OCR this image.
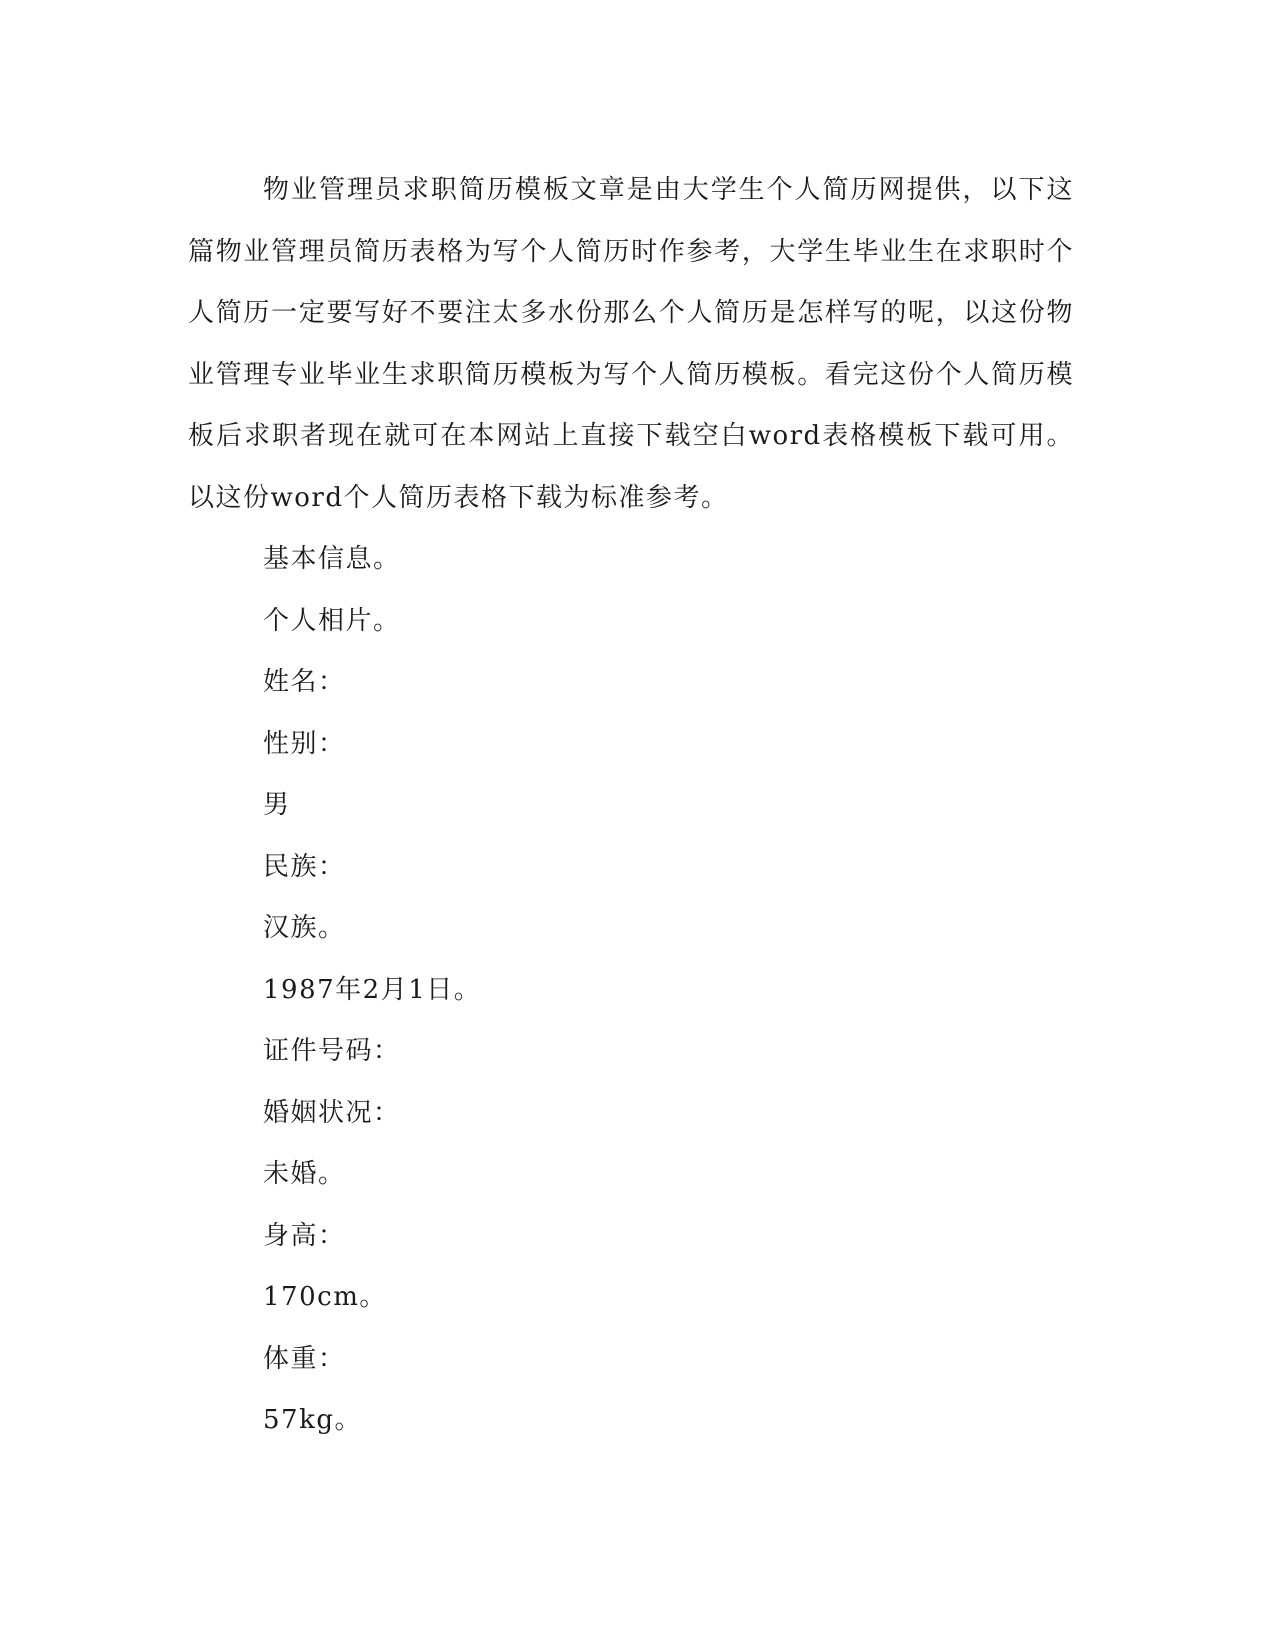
物业管理员求职简历模板文章是由大学生个人简历网提供，以下这篇物业管理员简历表格为写个人简历时作参考，大学生毕业生在求职时个人简历一定要写好不要注太多水份那么个人简历是怎样写的呢，以这份物业管理专业毕业生求职简历模板为写个人简历模板。看完这份个人简历模板后求职者现在就可在本网站上直接下载空白word表格模板下载可用。以这份word个人简历表格下载为标准参考。

基本信息。

个人相片。

姓名：

性别：

男

民族：

汉族。

1987年2月1日。

证件号码：

婚姻状况：

未婚。

身高：

170cm。

体重：

57kg。
